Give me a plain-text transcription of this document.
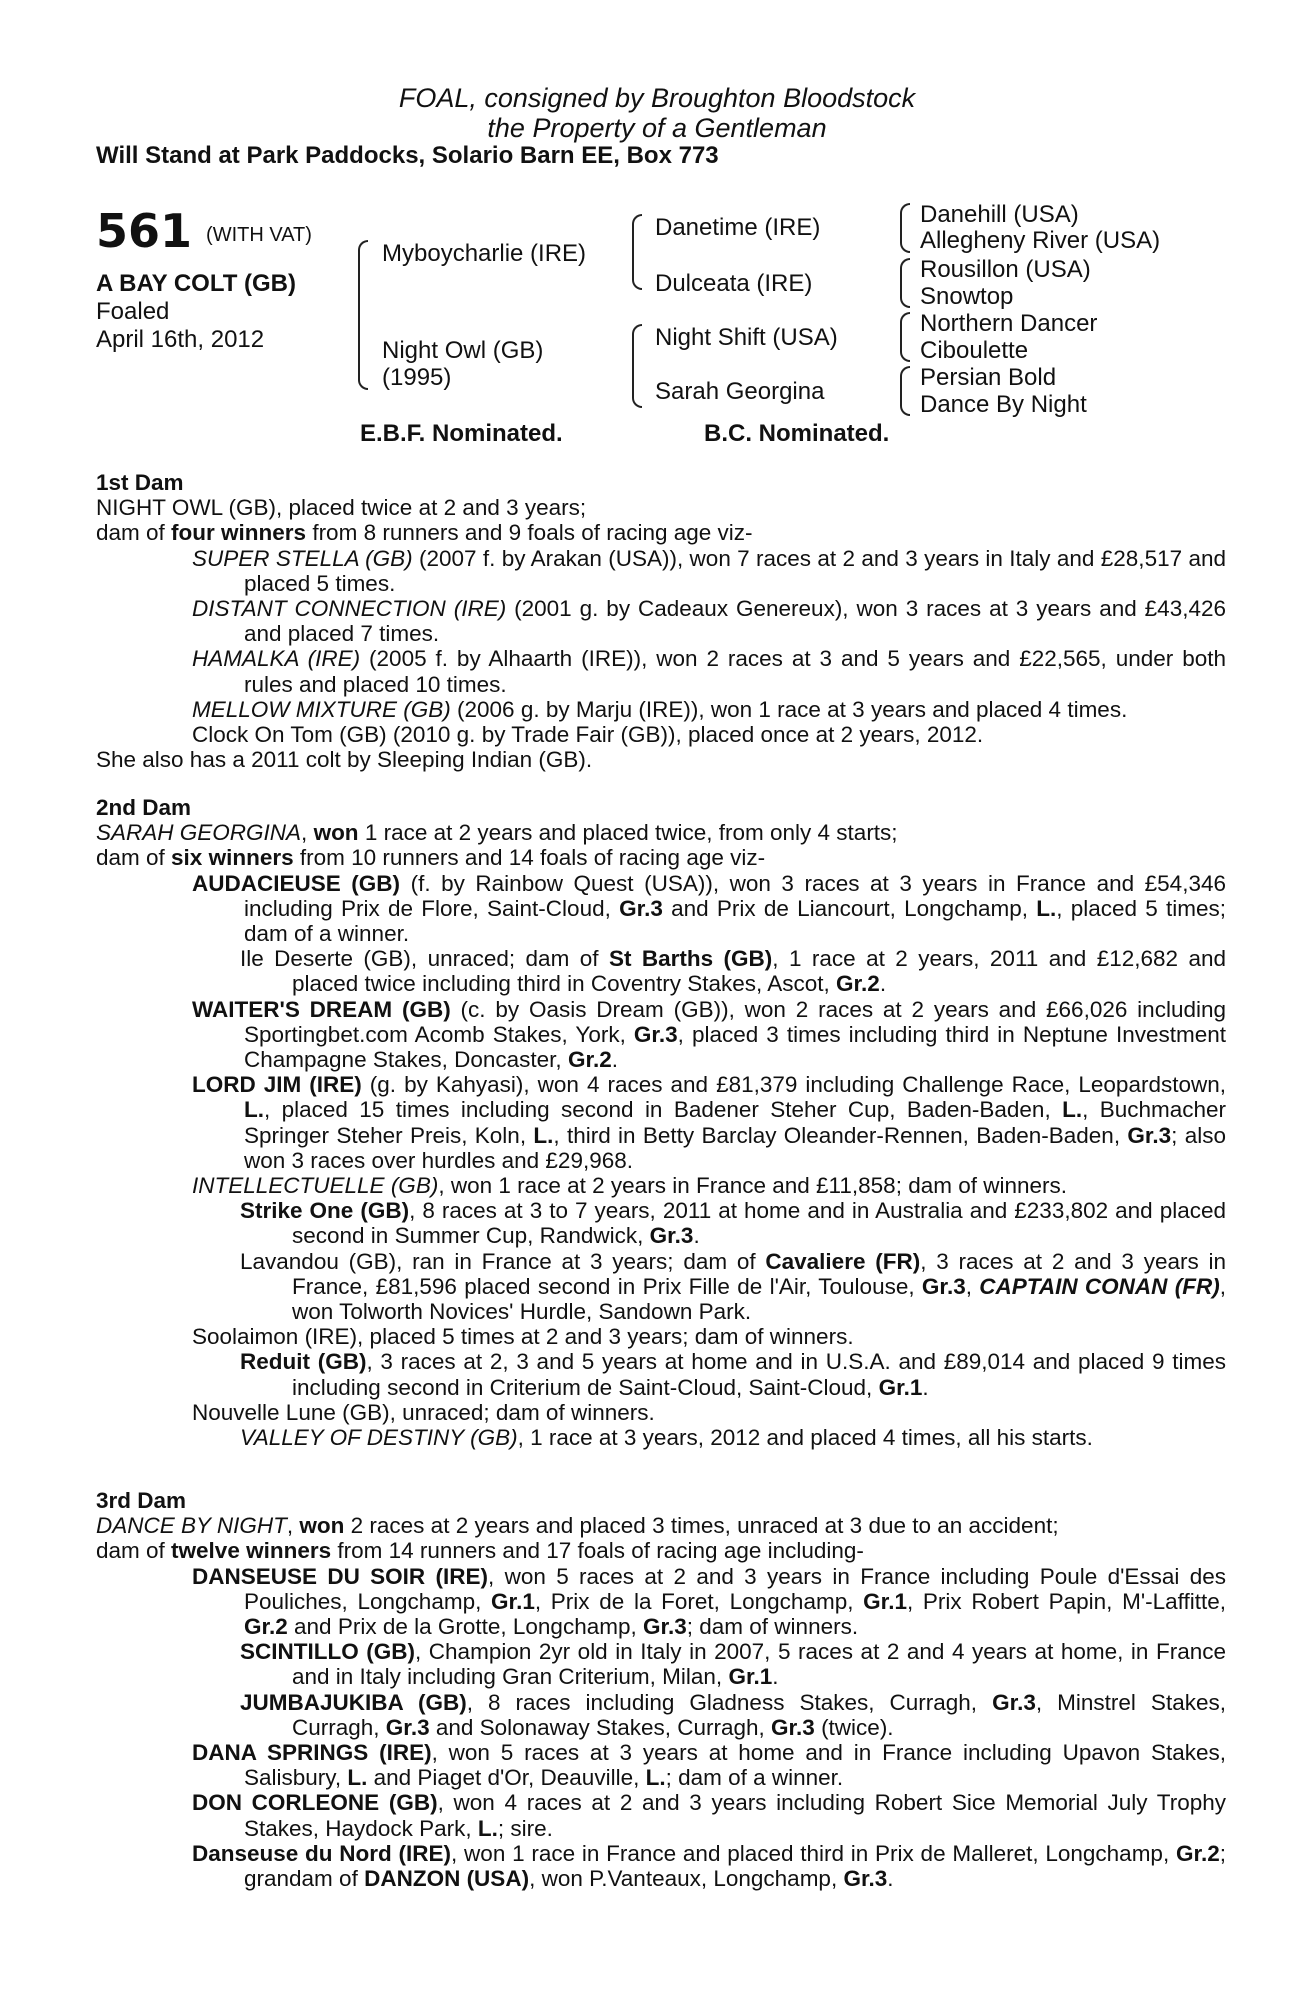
FOAL, consigned by Broughton Bloodstock
the Property of a Gentleman
Will Stand at Park Paddocks, Solario Barn EE, Box 773
561 (WITH VAT)
A BAY COLT (GB)
Foaled
April 16th, 2012
Myboycharlie (IRE)
Night Owl (GB)
(1995)
Danetime (IRE)
Dulceata (IRE)
Night Shift (USA)
Sarah Georgina
Danehill (USA)
Allegheny River (USA)
Rousillon (USA)
Snowtop
Northern Dancer
Ciboulette
Persian Bold
Dance By Night
E.B.F. Nominated.	B.C. Nominated.

1st Dam

NIGHT OWL (GB), placed twice at 2 and 3 years;

dam of four winners from 8 runners and 9 foals of racing age viz-

SUPER STELLA (GB) (2007 f. by Arakan (USA)), won 7 races at 2 and 3 years in Italy and £28,517 and placed 5 times.

DISTANT CONNECTION (IRE) (2001 g. by Cadeaux Genereux), won 3 races at 3 years and £43,426 and placed 7 times.

HAMALKA (IRE) (2005 f. by Alhaarth (IRE)), won 2 races at 3 and 5 years and £22,565, under both rules and placed 10 times.

MELLOW MIXTURE (GB) (2006 g. by Marju (IRE)), won 1 race at 3 years and placed 4 times.

Clock On Tom (GB) (2010 g. by Trade Fair (GB)), placed once at 2 years, 2012.

She also has a 2011 colt by Sleeping Indian (GB).

2nd Dam

SARAH GEORGINA, won 1 race at 2 years and placed twice, from only 4 starts;

dam of six winners from 10 runners and 14 foals of racing age viz-

AUDACIEUSE (GB) (f. by Rainbow Quest (USA)), won 3 races at 3 years in France and £54,346 including Prix de Flore, Saint-Cloud, Gr.3 and Prix de Liancourt, Longchamp, L., placed 5 times; dam of a winner.

Ile Deserte (GB), unraced; dam of St Barths (GB), 1 race at 2 years, 2011 and £12,682 and placed twice including third in Coventry Stakes, Ascot, Gr.2.

WAITER'S DREAM (GB) (c. by Oasis Dream (GB)), won 2 races at 2 years and £66,026 including Sportingbet.com Acomb Stakes, York, Gr.3, placed 3 times including third in Neptune Investment Champagne Stakes, Doncaster, Gr.2.

LORD JIM (IRE) (g. by Kahyasi), won 4 races and £81,379 including Challenge Race, Leopardstown, L., placed 15 times including second in Badener Steher Cup, Baden-Baden, L., Buchmacher Springer Steher Preis, Koln, L., third in Betty Barclay Oleander-Rennen, Baden-Baden, Gr.3; also won 3 races over hurdles and £29,968.

INTELLECTUELLE (GB), won 1 race at 2 years in France and £11,858; dam of winners.

Strike One (GB), 8 races at 3 to 7 years, 2011 at home and in Australia and £233,802 and placed second in Summer Cup, Randwick, Gr.3.

Lavandou (GB), ran in France at 3 years; dam of Cavaliere (FR), 3 races at 2 and 3 years in France, £81,596 placed second in Prix Fille de l'Air, Toulouse, Gr.3, CAPTAIN CONAN (FR), won Tolworth Novices' Hurdle, Sandown Park.

Soolaimon (IRE), placed 5 times at 2 and 3 years; dam of winners.

Reduit (GB), 3 races at 2, 3 and 5 years at home and in U.S.A. and £89,014 and placed 9 times including second in Criterium de Saint-Cloud, Saint-Cloud, Gr.1.

Nouvelle Lune (GB), unraced; dam of winners.

VALLEY OF DESTINY (GB), 1 race at 3 years, 2012 and placed 4 times, all his starts.

3rd Dam

DANCE BY NIGHT, won 2 races at 2 years and placed 3 times, unraced at 3 due to an accident;

dam of twelve winners from 14 runners and 17 foals of racing age including-

DANSEUSE DU SOIR (IRE), won 5 races at 2 and 3 years in France including Poule d'Essai des Pouliches, Longchamp, Gr.1, Prix de la Foret, Longchamp, Gr.1, Prix Robert Papin, M'-Laffitte, Gr.2 and Prix de la Grotte, Longchamp, Gr.3; dam of winners.

SCINTILLO (GB), Champion 2yr old in Italy in 2007, 5 races at 2 and 4 years at home, in France and in Italy including Gran Criterium, Milan, Gr.1.

JUMBAJUKIBA (GB), 8 races including Gladness Stakes, Curragh, Gr.3, Minstrel Stakes, Curragh, Gr.3 and Solonaway Stakes, Curragh, Gr.3 (twice).

DANA SPRINGS (IRE), won 5 races at 3 years at home and in France including Upavon Stakes, Salisbury, L. and Piaget d'Or, Deauville, L.; dam of a winner.

DON CORLEONE (GB), won 4 races at 2 and 3 years including Robert Sice Memorial July Trophy Stakes, Haydock Park, L.; sire.

Danseuse du Nord (IRE), won 1 race in France and placed third in Prix de Malleret, Longchamp, Gr.2; grandam of DANZON (USA), won P.Vanteaux, Longchamp, Gr.3.
